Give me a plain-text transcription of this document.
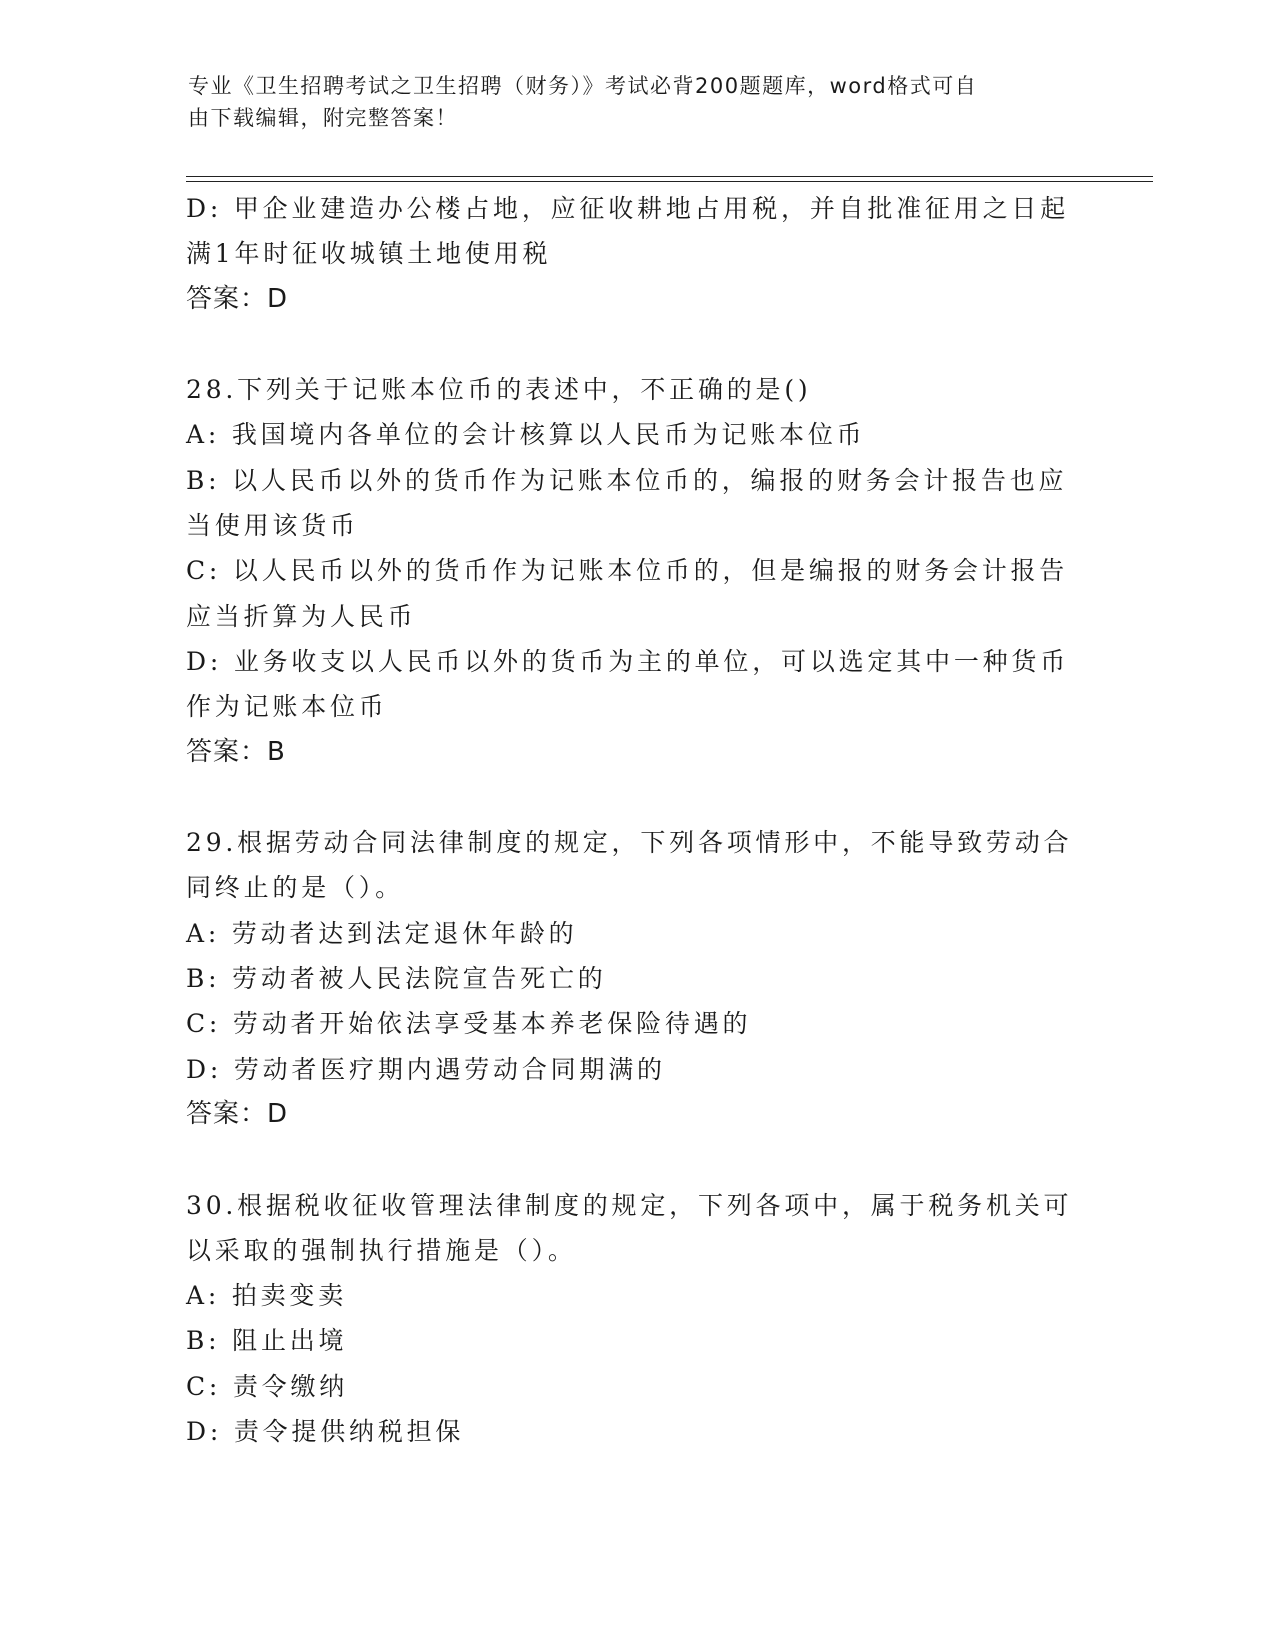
专业《卫生招聘考试之卫生招聘（财务）》考试必背200题题库，word格式可自
由下载编辑，附完整答案！
D: 甲企业建造办公楼占地，应征收耕地占用税，并自批准征用之日起
满1年时征收城镇土地使用税
答案：D
28.下列关于记账本位币的表述中，不正确的是()
A: 我国境内各单位的会计核算以人民币为记账本位币
B: 以人民币以外的货币作为记账本位币的，编报的财务会计报告也应
当使用该货币
C: 以人民币以外的货币作为记账本位币的，但是编报的财务会计报告
应当折算为人民币
D: 业务收支以人民币以外的货币为主的单位，可以选定其中一种货币
作为记账本位币
答案：B
29.根据劳动合同法律制度的规定，下列各项情形中，不能导致劳动合
同终止的是（）。
A: 劳动者达到法定退休年龄的
B: 劳动者被人民法院宣告死亡的
C: 劳动者开始依法享受基本养老保险待遇的
D: 劳动者医疗期内遇劳动合同期满的
答案：D
30.根据税收征收管理法律制度的规定，下列各项中，属于税务机关可
以采取的强制执行措施是（）。
A: 拍卖变卖
B: 阻止出境
C: 责令缴纳
D: 责令提供纳税担保
